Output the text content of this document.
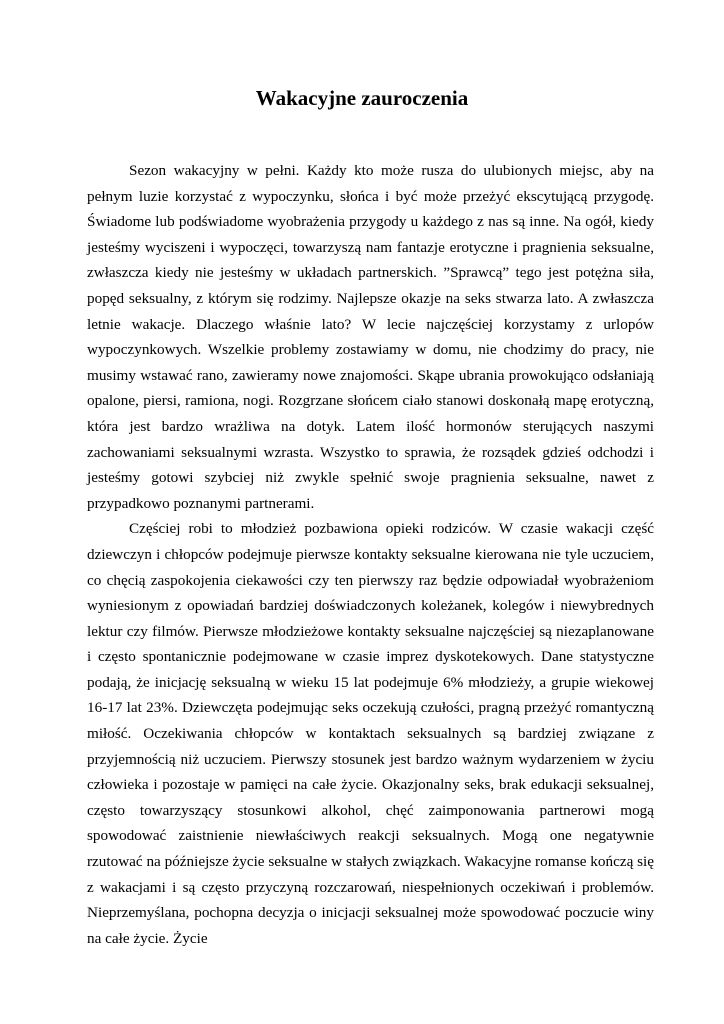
Wakacyjne zauroczenia

Sezon wakacyjny w pełni. Każdy kto może rusza do ulubionych miejsc, aby na pełnym luzie korzystać z wypoczynku, słońca i być może przeżyć ekscytującą przygodę. Świadome lub podświadome wyobrażenia przygody u każdego z nas są inne. Na ogół, kiedy jesteśmy wyciszeni i wypoczęci, towarzyszą nam fantazje erotyczne i pragnienia seksualne, zwłaszcza kiedy nie jesteśmy w układach partnerskich. ”Sprawcą” tego jest potężna siła, popęd seksualny, z którym się rodzimy. Najlepsze okazje na seks stwarza lato. A zwłaszcza letnie wakacje. Dlaczego właśnie lato? W lecie najczęściej korzystamy z urlopów wypoczynkowych. Wszelkie problemy zostawiamy w domu, nie chodzimy do pracy, nie musimy wstawać rano, zawieramy nowe znajomości. Skąpe ubrania prowokująco odsłaniają opalone, piersi, ramiona, nogi. Rozgrzane słońcem ciało stanowi doskonałą mapę erotyczną, która jest bardzo wrażliwa na dotyk. Latem ilość hormonów sterujących naszymi zachowaniami seksualnymi wzrasta. Wszystko to sprawia, że rozsądek gdzieś odchodzi i jesteśmy gotowi szybciej niż zwykle spełnić swoje pragnienia seksualne, nawet z przypadkowo poznanymi partnerami.

Częściej robi to młodzież pozbawiona opieki rodziców. W czasie wakacji część dziewczyn i chłopców podejmuje pierwsze kontakty seksualne kierowana nie tyle uczuciem, co chęcią zaspokojenia ciekawości czy ten pierwszy raz będzie odpowiadał wyobrażeniom wyniesionym z opowiadań bardziej doświadczonych koleżanek, kolegów i niewybrednych lektur czy filmów. Pierwsze młodzieżowe kontakty seksualne najczęściej są niezaplanowane i często spontanicznie podejmowane w czasie imprez dyskotekowych. Dane statystyczne podają, że inicjację seksualną w wieku 15 lat podejmuje 6% młodzieży, a grupie wiekowej 16-17 lat 23%. Dziewczęta podejmując seks oczekują czułości, pragną przeżyć romantyczną miłość. Oczekiwania chłopców w kontaktach seksualnych są bardziej związane z przyjemnością niż uczuciem. Pierwszy stosunek jest bardzo ważnym wydarzeniem w życiu człowieka i pozostaje w pamięci na całe życie. Okazjonalny seks, brak edukacji seksualnej, często towarzyszący stosunkowi alkohol, chęć zaimponowania partnerowi mogą spowodować zaistnienie niewłaściwych reakcji seksualnych. Mogą one negatywnie rzutować na późniejsze życie seksualne w stałych związkach. Wakacyjne romanse kończą się z wakacjami i są często przyczyną rozczarowań, niespełnionych oczekiwań i problemów. Nieprzemyślana, pochopna decyzja o inicjacji seksualnej może spowodować poczucie winy na całe życie. Życie
